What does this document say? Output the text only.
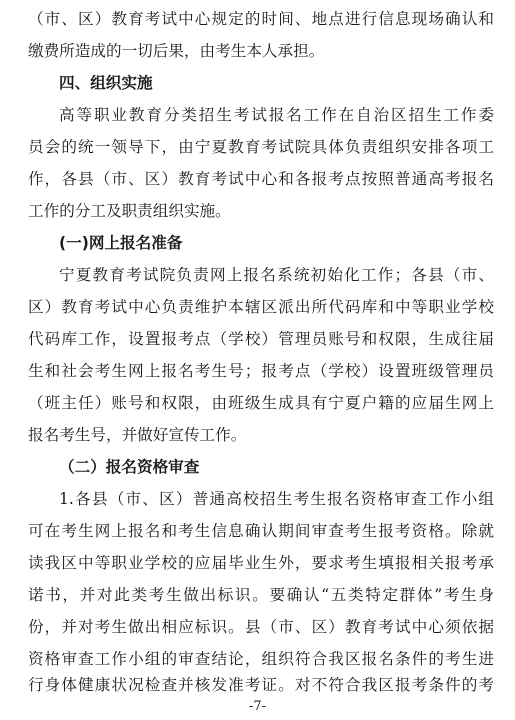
（市、区）教育考试中心规定的时间、地点进行信息现场确认和
缴费所造成的一切后果，由考生本人承担。
四、组织实施
高等职业教育分类招生考试报名工作在自治区招生工作委
员会的统一领导下，由宁夏教育考试院具体负责组织安排各项工
作，各县（市、区）教育考试中心和各报考点按照普通高考报名
工作的分工及职责组织实施。
(一)网上报名准备
宁夏教育考试院负责网上报名系统初始化工作；各县（市、
区）教育考试中心负责维护本辖区派出所代码库和中等职业学校
代码库工作，设置报考点（学校）管理员账号和权限，生成往届
生和社会考生网上报名考生号；报考点（学校）设置班级管理员
（班主任）账号和权限，由班级生成具有宁夏户籍的应届生网上
报名考生号，并做好宣传工作。
（二）报名资格审查
1.各县（市、区）普通高校招生考生报名资格审查工作小组
可在考生网上报名和考生信息确认期间审查考生报考资格。除就
读我区中等职业学校的应届毕业生外，要求考生填报相关报考承
诺书，并对此类考生做出标识。要确认“五类特定群体”考生身
份，并对考生做出相应标识。县（市、区）教育考试中心须依据
资格审查工作小组的审查结论，组织符合我区报名条件的考生进
行身体健康状况检查并核发准考证。对不符合我区报考条件的考
-7-
